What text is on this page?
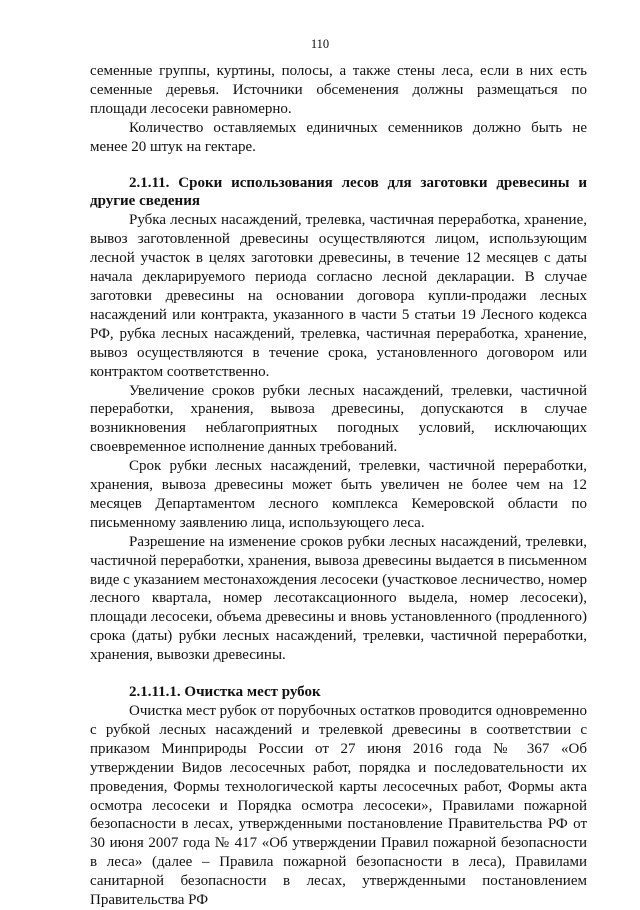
110

семенные группы, куртины, полосы, а также стены леса, если в них есть семенные деревья. Источники обсеменения должны размещаться по площади лесосеки равномерно.

Количество оставляемых единичных семенников должно быть не менее 20 штук на гектаре.

2.1.11. Сроки использования лесов для заготовки древесины и другие сведения

Рубка лесных насаждений, трелевка, частичная переработка, хранение, вывоз заготовленной древесины осуществляются лицом, использующим лесной участок в целях заготовки древесины, в течение 12 месяцев с даты начала декларируемого периода согласно лесной декларации. В случае заготовки древесины на основании договора купли-продажи лесных насаждений или контракта, указанного в части 5 статьи 19 Лесного кодекса РФ, рубка лесных насаждений, трелевка, частичная переработка, хранение, вывоз осуществляются в течение срока, установленного договором или контрактом соответственно.

Увеличение сроков рубки лесных насаждений, трелевки, частичной переработки, хранения, вывоза древесины, допускаются в случае возникновения неблагоприятных погодных условий, исключающих своевременное исполнение данных требований.

Срок рубки лесных насаждений, трелевки, частичной переработки, хранения, вывоза древесины может быть увеличен не более чем на 12 месяцев Департаментом лесного комплекса Кемеровской области по письменному заявлению лица, использующего леса.

Разрешение на изменение сроков рубки лесных насаждений, трелевки, частичной переработки, хранения, вывоза древесины выдается в письменном виде с указанием местонахождения лесосеки (участковое лесничество, номер лесного квартала, номер лесотаксационного выдела, номер лесосеки), площади лесосеки, объема древесины и вновь установленного (продленного) срока (даты) рубки лесных насаждений, трелевки, частичной переработки, хранения, вывозки древесины.

2.1.11.1. Очистка мест рубок

Очистка мест рубок от порубочных остатков проводится одновременно с рубкой лесных насаждений и трелевкой древесины в соответствии с приказом Минприроды России от 27 июня 2016 года № 367 «Об утверждении Видов лесосечных работ, порядка и последовательности их проведения, Формы технологической карты лесосечных работ, Формы акта осмотра лесосеки и Порядка осмотра лесосеки», Правилами пожарной безопасности в лесах, утвержденными постановление Правительства РФ от 30 июня 2007 года № 417 «Об утверждении Правил пожарной безопасности в леса» (далее – Правила пожарной безопасности в леса), Правилами санитарной безопасности в лесах, утвержденными постановлением Правительства РФ
